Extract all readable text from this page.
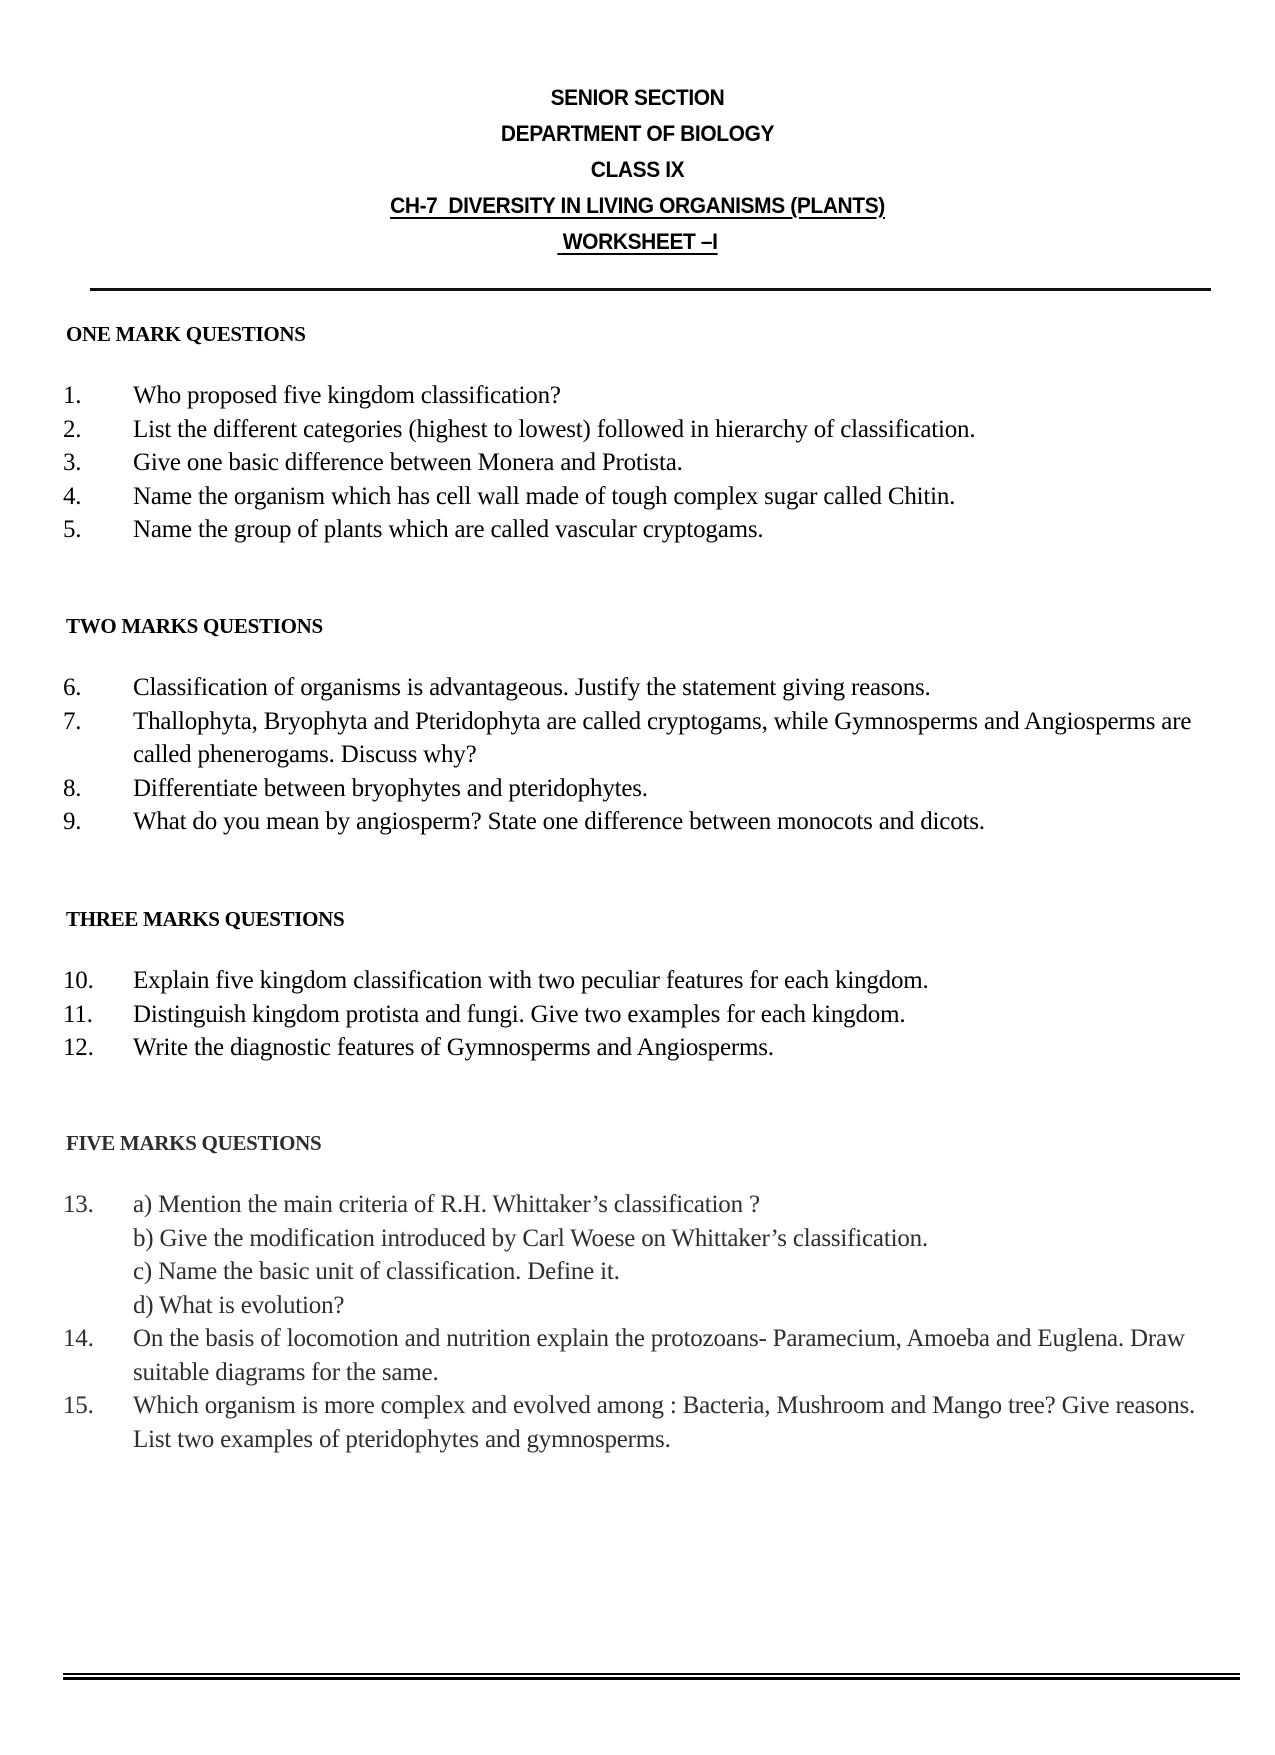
SENIOR SECTION
DEPARTMENT OF BIOLOGY
CLASS IX
CH-7  DIVERSITY IN LIVING ORGANISMS (PLANTS)
WORKSHEET –I
ONE MARK QUESTIONS
1.	Who proposed five kingdom classification?
2.	List the different categories (highest to lowest) followed in hierarchy of classification.
3.	Give one basic difference between Monera and Protista.
4.	Name the organism which has cell wall made of tough complex sugar called Chitin.
5.	Name the group of plants which are called vascular cryptogams.
TWO MARKS QUESTIONS
6.	Classification of organisms is advantageous. Justify the statement giving reasons.
7.	Thallophyta, Bryophyta and Pteridophyta are called cryptogams, while Gymnosperms and Angiosperms are called phenerogams. Discuss why?
8.	Differentiate between bryophytes and pteridophytes.
9.	What do you mean by angiosperm? State one difference between monocots and dicots.
THREE MARKS QUESTIONS
10.	Explain five kingdom classification with two peculiar features for each kingdom.
11.	Distinguish kingdom protista and fungi. Give two examples for each kingdom.
12.	Write the diagnostic features of Gymnosperms and Angiosperms.
FIVE MARKS QUESTIONS
13.	a) Mention the main criteria of R.H. Whittaker’s classification ?
b) Give the modification introduced by Carl Woese on Whittaker’s classification.
c) Name the basic unit of classification. Define it.
d) What is evolution?
14.	On the basis of locomotion and nutrition explain the protozoans- Paramecium, Amoeba and Euglena. Draw suitable diagrams for the same.
15.	Which organism is more complex and evolved among : Bacteria, Mushroom and Mango tree? Give reasons. List two examples of pteridophytes and gymnosperms.
